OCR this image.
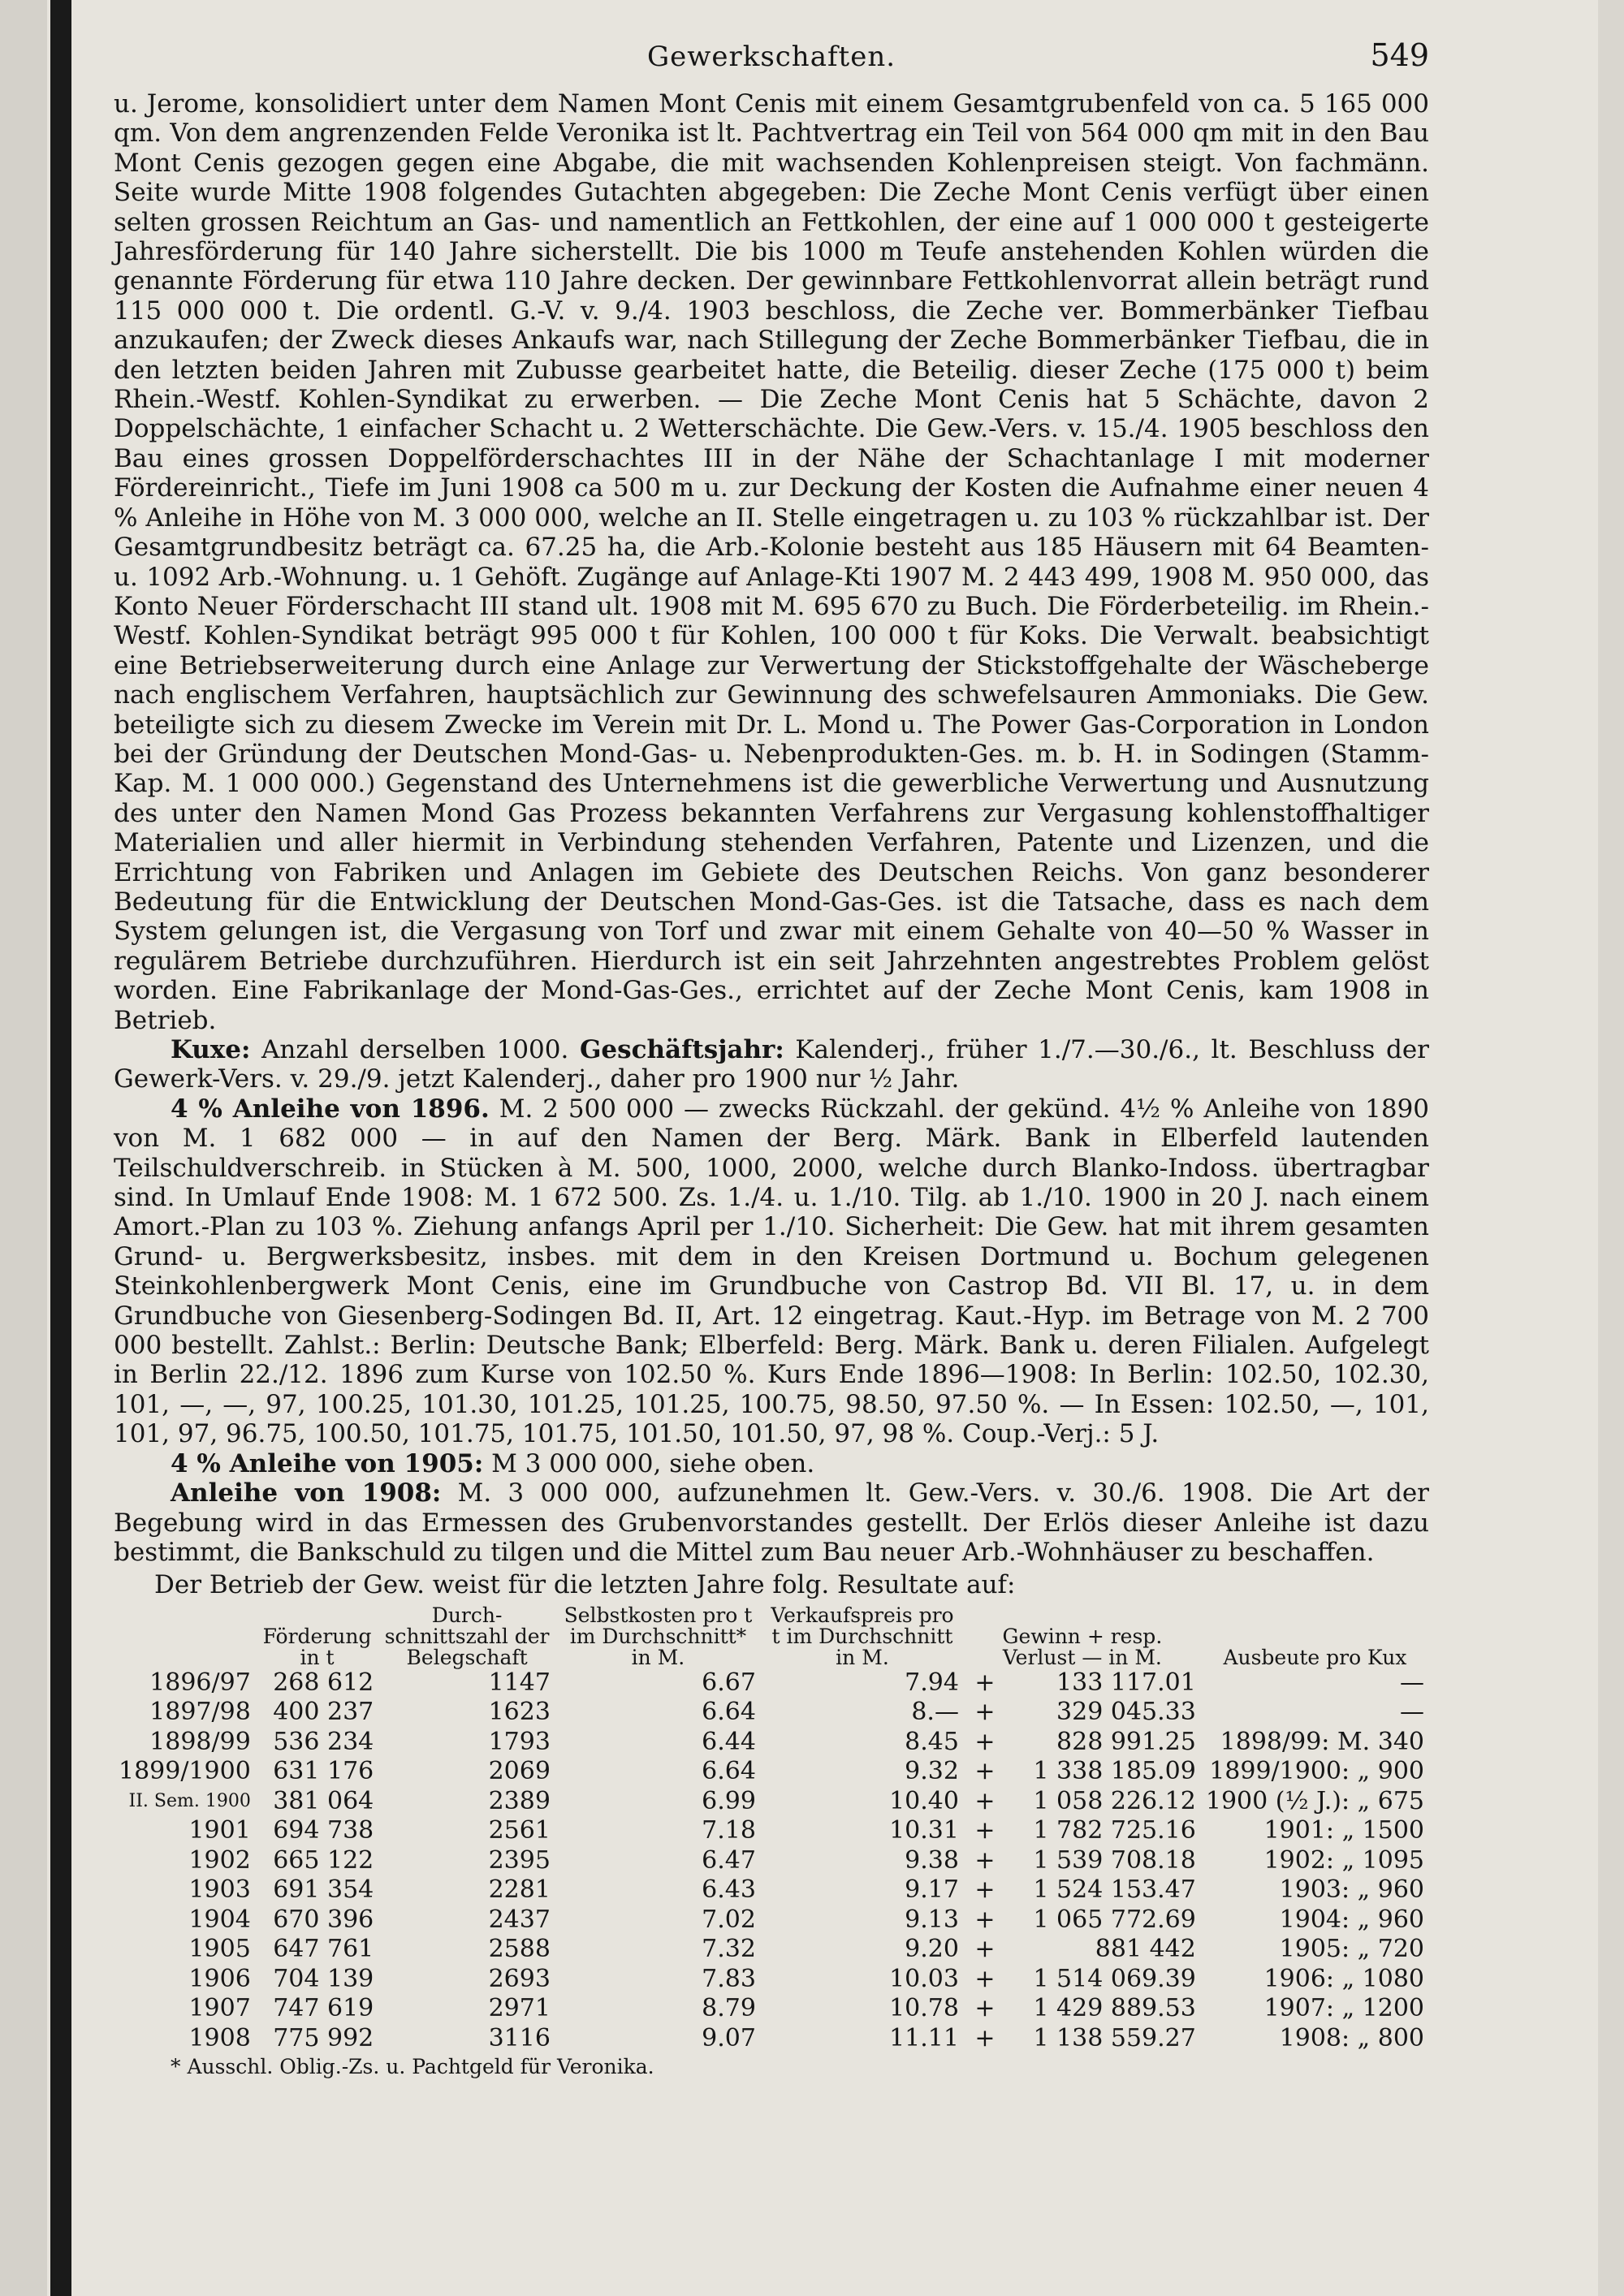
Gewerkschaften.	549

u. Jerome, konsolidiert unter dem Namen Mont Cenis mit einem Gesamtgrubenfeld von ca. 5 165 000 qm. Von dem angrenzenden Felde Veronika ist lt. Pachtvertrag ein Teil von 564 000 qm mit in den Bau Mont Cenis gezogen gegen eine Abgabe, die mit wachsenden Kohlenpreisen steigt. Von fachmänn. Seite wurde Mitte 1908 folgendes Gutachten abgegeben: Die Zeche Mont Cenis verfügt über einen selten grossen Reichtum an Gas- und namentlich an Fettkohlen, der eine auf 1 000 000 t gesteigerte Jahresförderung für 140 Jahre sicherstellt. Die bis 1000 m Teufe anstehenden Kohlen würden die genannte Förderung für etwa 110 Jahre decken. Der gewinnbare Fettkohlenvorrat allein beträgt rund 115 000 000 t. Die ordentl. G.-V. v. 9./4. 1903 beschloss, die Zeche ver. Bommerbänker Tiefbau anzukaufen; der Zweck dieses Ankaufs war, nach Stillegung der Zeche Bommerbänker Tiefbau, die in den letzten beiden Jahren mit Zubusse gearbeitet hatte, die Beteilig. dieser Zeche (175 000 t) beim Rhein.-Westf. Kohlen-Syndikat zu erwerben. — Die Zeche Mont Cenis hat 5 Schächte, davon 2 Doppelschächte, 1 einfacher Schacht u. 2 Wetterschächte. Die Gew.-Vers. v. 15./4. 1905 beschloss den Bau eines grossen Doppelförderschachtes III in der Nähe der Schachtanlage I mit moderner Fördereinricht., Tiefe im Juni 1908 ca 500 m u. zur Deckung der Kosten die Aufnahme einer neuen 4 % Anleihe in Höhe von M. 3 000 000, welche an II. Stelle eingetragen u. zu 103 % rückzahlbar ist. Der Gesamtgrundbesitz beträgt ca. 67.25 ha, die Arb.-Kolonie besteht aus 185 Häusern mit 64 Beamten- u. 1092 Arb.-Wohnung. u. 1 Gehöft. Zugänge auf Anlage-Kti 1907 M. 2 443 499, 1908 M. 950 000, das Konto Neuer Förderschacht III stand ult. 1908 mit M. 695 670 zu Buch. Die Förderbeteilig. im Rhein.-Westf. Kohlen-Syndikat beträgt 995 000 t für Kohlen, 100 000 t für Koks. Die Verwalt. beabsichtigt eine Betriebserweiterung durch eine Anlage zur Verwertung der Stickstoffgehalte der Wäscheberge nach englischem Verfahren, hauptsächlich zur Gewinnung des schwefelsauren Ammoniaks. Die Gew. beteiligte sich zu diesem Zwecke im Verein mit Dr. L. Mond u. The Power Gas-Corporation in London bei der Gründung der Deutschen Mond-Gas- u. Nebenprodukten-Ges. m. b. H. in Sodingen (Stamm-Kap. M. 1 000 000.) Gegenstand des Unternehmens ist die gewerbliche Verwertung und Ausnutzung des unter den Namen Mond Gas Prozess bekannten Verfahrens zur Vergasung kohlenstoffhaltiger Materialien und aller hiermit in Verbindung stehenden Verfahren, Patente und Lizenzen, und die Errichtung von Fabriken und Anlagen im Gebiete des Deutschen Reichs. Von ganz besonderer Bedeutung für die Entwicklung der Deutschen Mond-Gas-Ges. ist die Tatsache, dass es nach dem System gelungen ist, die Vergasung von Torf und zwar mit einem Gehalte von 40—50 % Wasser in regulärem Betriebe durchzuführen. Hierdurch ist ein seit Jahrzehnten angestrebtes Problem gelöst worden. Eine Fabrikanlage der Mond-Gas-Ges., errichtet auf der Zeche Mont Cenis, kam 1908 in Betrieb.

Kuxe: Anzahl derselben 1000. Geschäftsjahr: Kalenderj., früher 1./7.—30./6., lt. Beschluss der Gewerk-Vers. v. 29./9. jetzt Kalenderj., daher pro 1900 nur ½ Jahr.

4 % Anleihe von 1896. M. 2 500 000 — zwecks Rückzahl. der gekünd. 4½ % Anleihe von 1890 von M. 1 682 000 — in auf den Namen der Berg. Märk. Bank in Elberfeld lautenden Teilschuldverschreib. in Stücken à M. 500, 1000, 2000, welche durch Blanko-Indoss. übertragbar sind. In Umlauf Ende 1908: M. 1 672 500. Zs. 1./4. u. 1./10. Tilg. ab 1./10. 1900 in 20 J. nach einem Amort.-Plan zu 103 %. Ziehung anfangs April per 1./10. Sicherheit: Die Gew. hat mit ihrem gesamten Grund- u. Bergwerksbesitz, insbes. mit dem in den Kreisen Dortmund u. Bochum gelegenen Steinkohlenbergwerk Mont Cenis, eine im Grundbuche von Castrop Bd. VII Bl. 17, u. in dem Grundbuche von Giesenberg-Sodingen Bd. II, Art. 12 eingetrag. Kaut.-Hyp. im Betrage von M. 2 700 000 bestellt. Zahlst.: Berlin: Deutsche Bank; Elberfeld: Berg. Märk. Bank u. deren Filialen. Aufgelegt in Berlin 22./12. 1896 zum Kurse von 102.50 %. Kurs Ende 1896—1908: In Berlin: 102.50, 102.30, 101, —, —, 97, 100.25, 101.30, 101.25, 101.25, 100.75, 98.50, 97.50 %. — In Essen: 102.50, —, 101, 101, 97, 96.75, 100.50, 101.75, 101.75, 101.50, 101.50, 97, 98 %. Coup.-Verj.: 5 J.

4 % Anleihe von 1905: M 3 000 000, siehe oben.

Anleihe von 1908: M. 3 000 000, aufzunehmen lt. Gew.-Vers. v. 30./6. 1908. Die Art der Begebung wird in das Ermessen des Grubenvorstandes gestellt. Der Erlös dieser Anleihe ist dazu bestimmt, die Bankschuld zu tilgen und die Mittel zum Bau neuer Arb.-Wohnhäuser zu beschaffen.

Der Betrieb der Gew. weist für die letzten Jahre folg. Resultate auf:

	Förderung in t	Durch- schnittszahl der Belegschaft	Selbstkosten pro t im Durchschnitt* in M.	Verkaufspreis pro t im Durchschnitt in M.	Gewinn + resp. Verlust — in M.		Ausbeute pro Kux
1896/97	268 612	1147	6.67	7.94	+	133 117.01	—
1897/98	400 237	1623	6.64	8.—	+	329 045.33	—
1898/99	536 234	1793	6.44	8.45	+	828 991.25	1898/99: M. 340
1899/1900	631 176	2069	6.64	9.32	+	1 338 185.09	1899/1900: „ 900
II. Sem. 1900	381 064	2389	6.99	10.40	+	1 058 226.12	1900 (½ J.): „ 675
1901	694 738	2561	7.18	10.31	+	1 782 725.16	1901: „ 1500
1902	665 122	2395	6.47	9.38	+	1 539 708.18	1902: „ 1095
1903	691 354	2281	6.43	9.17	+	1 524 153.47	1903: „ 960
1904	670 396	2437	7.02	9.13	+	1 065 772.69	1904: „ 960
1905	647 761	2588	7.32	9.20	+	881 442	1905: „ 720
1906	704 139	2693	7.83	10.03	+	1 514 069.39	1906: „ 1080
1907	747 619	2971	8.79	10.78	+	1 429 889.53	1907: „ 1200
1908	775 992	3116	9.07	11.11	+	1 138 559.27	1908: „ 800
* Ausschl. Oblig.-Zs. u. Pachtgeld für Veronika.
